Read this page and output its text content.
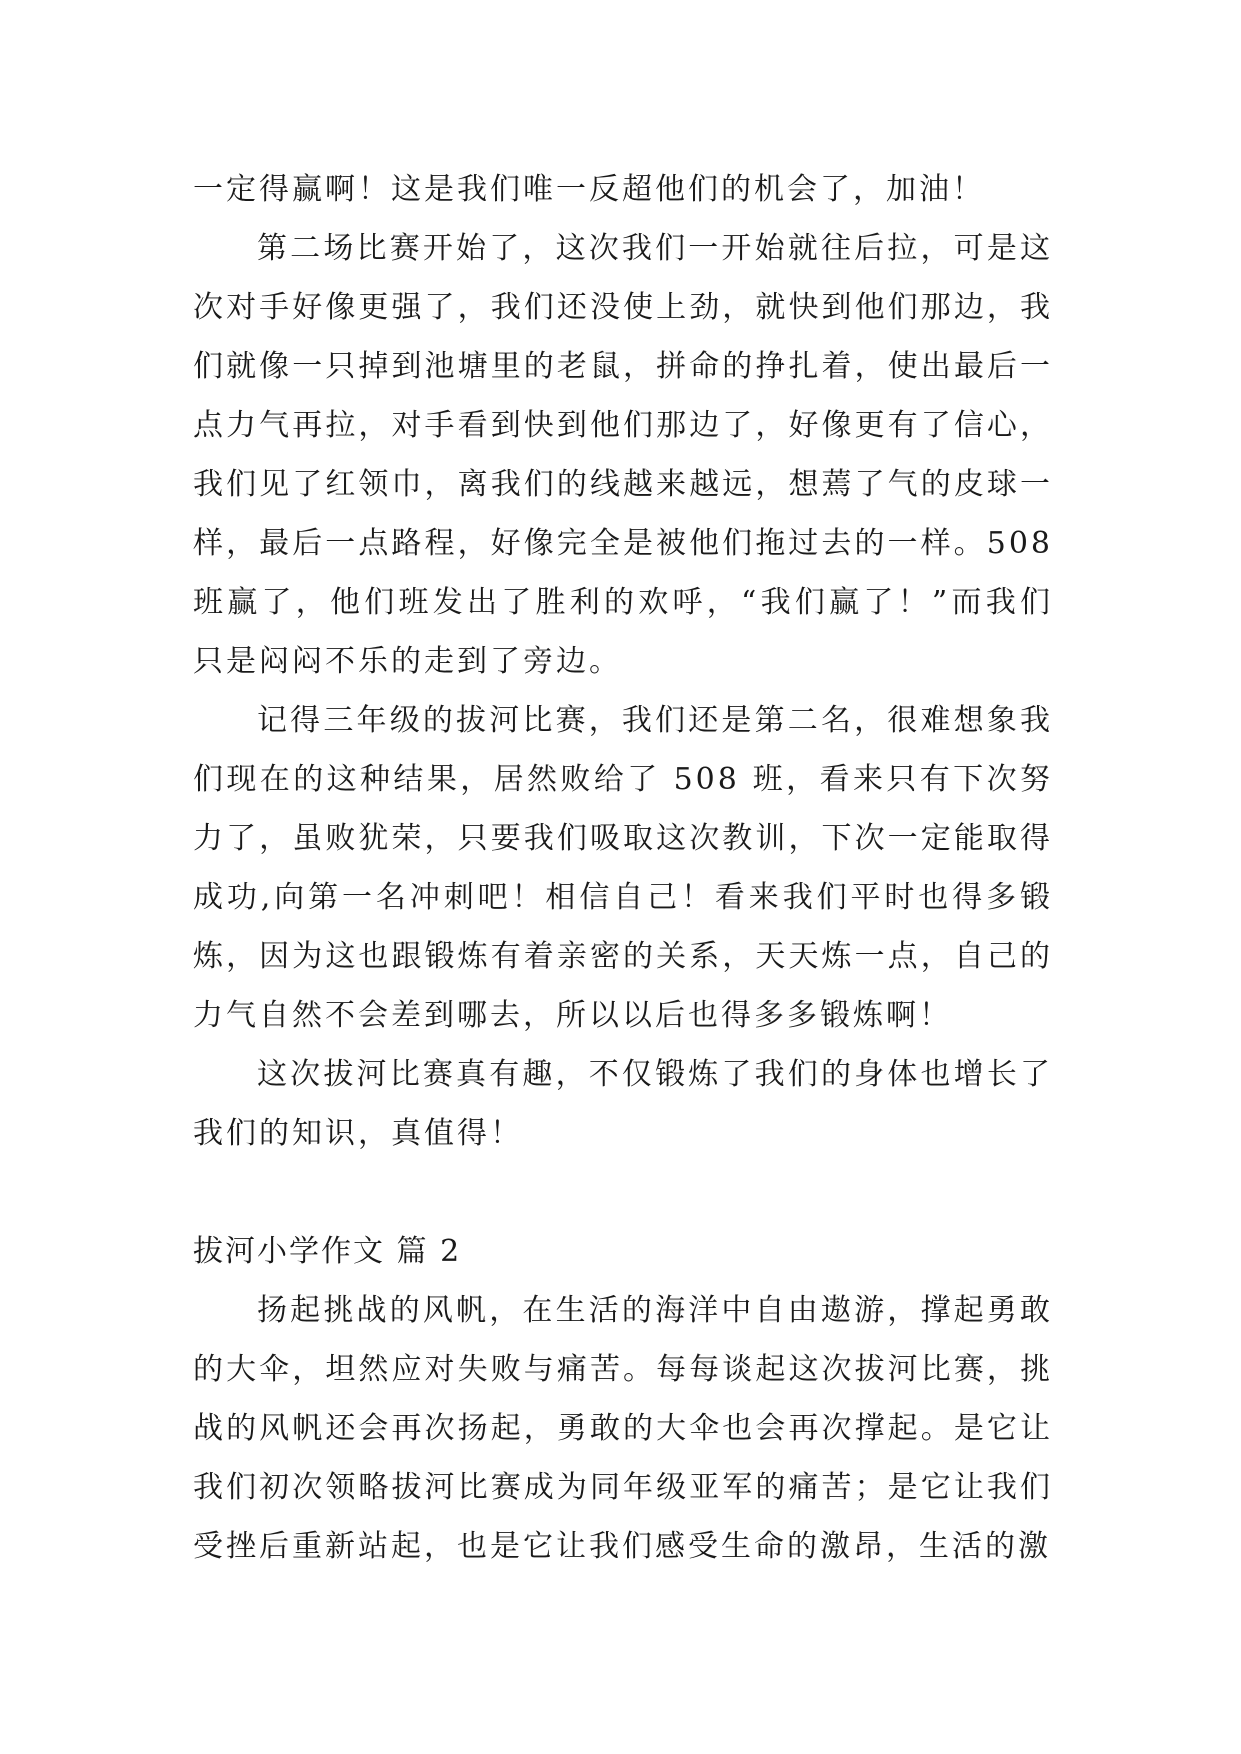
一定得赢啊！这是我们唯一反超他们的机会了，加油！

第二场比赛开始了，这次我们一开始就往后拉，可是这次对手好像更强了，我们还没使上劲，就快到他们那边，我们就像一只掉到池塘里的老鼠，拼命的挣扎着，使出最后一点力气再拉，对手看到快到他们那边了，好像更有了信心，我们见了红领巾，离我们的线越来越远，想蔫了气的皮球一样，最后一点路程，好像完全是被他们拖过去的一样。508 班赢了，他们班发出了胜利的欢呼，“我们赢了！”而我们只是闷闷不乐的走到了旁边。

记得三年级的拔河比赛，我们还是第二名，很难想象我们现在的这种结果，居然败给了 508 班，看来只有下次努力了，虽败犹荣，只要我们吸取这次教训，下次一定能取得成功,向第一名冲刺吧！相信自己！看来我们平时也得多锻炼，因为这也跟锻炼有着亲密的关系，天天炼一点，自己的力气自然不会差到哪去，所以以后也得多多锻炼啊！

这次拔河比赛真有趣，不仅锻炼了我们的身体也增长了我们的知识，真值得！

拔河小学作文 篇 2

扬起挑战的风帆，在生活的海洋中自由遨游，撑起勇敢的大伞，坦然应对失败与痛苦。每每谈起这次拔河比赛，挑战的风帆还会再次扬起，勇敢的大伞也会再次撑起。是它让我们初次领略拔河比赛成为同年级亚军的痛苦；是它让我们受挫后重新站起，也是它让我们感受生命的激昂，生活的激
